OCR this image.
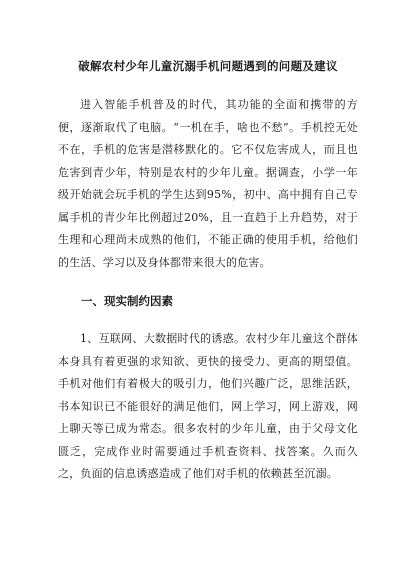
破解农村少年儿童沉溺手机问题遇到的问题及建议

进入智能手机普及的时代，其功能的全面和携带的方便，逐渐取代了电脑。“一机在手，啥也不愁”。手机控无处不在，手机的危害是潜移默化的。它不仅危害成人，而且也危害到青少年，特别是农村的少年儿童。据调查，小学一年级开始就会玩手机的学生达到95%，初中、高中拥有自己专属手机的青少年比例超过20%，且一直趋于上升趋势，对于生理和心理尚未成熟的他们，不能正确的使用手机，给他们的生活、学习以及身体都带来很大的危害。

一、现实制约因素

1、互联网、大数据时代的诱惑。农村少年儿童这个群体本身具有着更强的求知欲、更快的接受力、更高的期望值。手机对他们有着极大的吸引力，他们兴趣广泛，思维活跃，书本知识已不能很好的满足他们，网上学习，网上游戏，网上聊天等已成为常态。很多农村的少年儿童，由于父母文化匮乏，完成作业时需要通过手机查资料、找答案。久而久之，负面的信息诱惑造成了他们对手机的依赖甚至沉溺。
